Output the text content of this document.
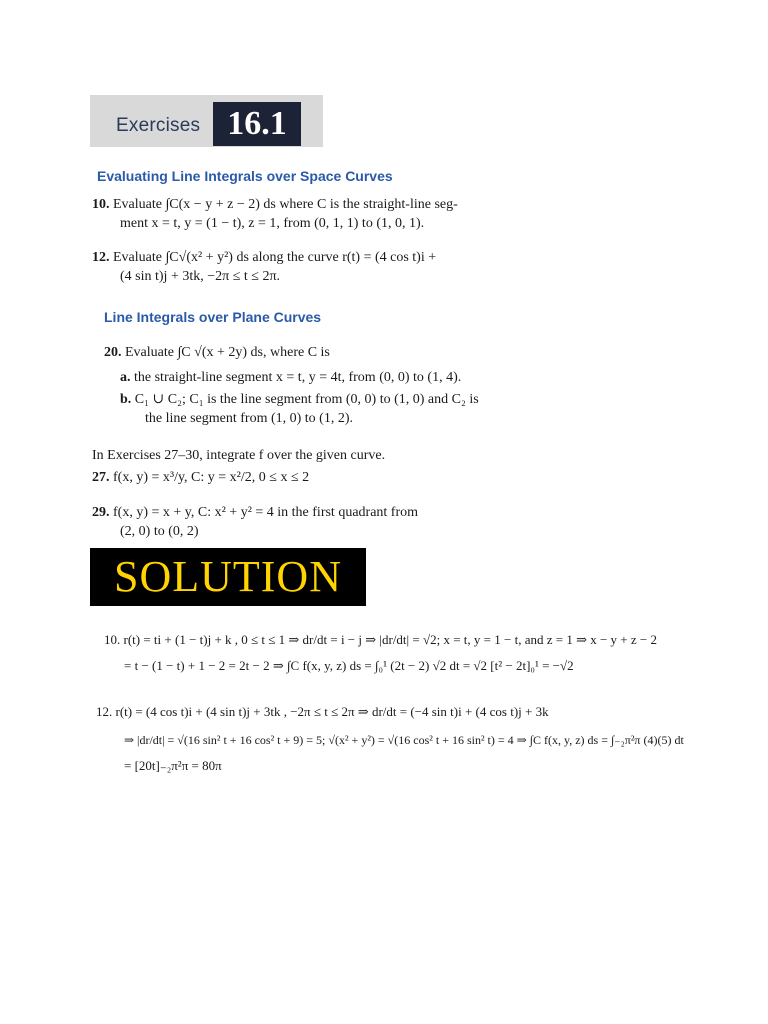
Exercises 16.1
Evaluating Line Integrals over Space Curves
10. Evaluate ∫C(x − y + z − 2) ds where C is the straight-line seg-
ment x = t, y = (1 − t), z = 1, from (0, 1, 1) to (1, 0, 1).
12. Evaluate ∫C√(x² + y²) ds along the curve r(t) = (4 cos t)i +
(4 sin t)j + 3tk, −2π ≤ t ≤ 2π.
Line Integrals over Plane Curves
20. Evaluate ∫C √(x + 2y) ds, where C is
a. the straight-line segment x = t, y = 4t, from (0, 0) to (1, 4).
b. C₁ ∪ C₂; C₁ is the line segment from (0, 0) to (1, 0) and C₂ is
the line segment from (1, 0) to (1, 2).
In Exercises 27–30, integrate f over the given curve.
27. f(x, y) = x³/y, C: y = x²/2, 0 ≤ x ≤ 2
29. f(x, y) = x + y, C: x² + y² = 4 in the first quadrant from
(2, 0) to (0, 2)
SOLUTION
10. r(t) = ti + (1 − t)j + k , 0 ≤ t ≤ 1 ⇒ dr/dt = i − j ⇒ |dr/dt| = √2; x = t, y = 1 − t, and z = 1 ⇒ x − y + z − 2
= t − (1 − t) + 1 − 2 = 2t − 2 ⇒ ∫C f(x, y, z) ds = ∫₀¹ (2t − 2) √2 dt = √2 [t² − 2t]₀¹ = −√2
12. r(t) = (4 cos t)i + (4 sin t)j + 3tk , −2π ≤ t ≤ 2π ⇒ dr/dt = (−4 sin t)i + (4 cos t)j + 3k
⇒ |dr/dt| = √(16 sin² t + 16 cos² t + 9) = 5; √(x² + y²) = √(16 cos² t + 16 sin² t) = 4 ⇒ ∫C f(x, y, z) ds = ∫₋₂π²π (4)(5) dt
= [20t]₋₂π²π = 80π
